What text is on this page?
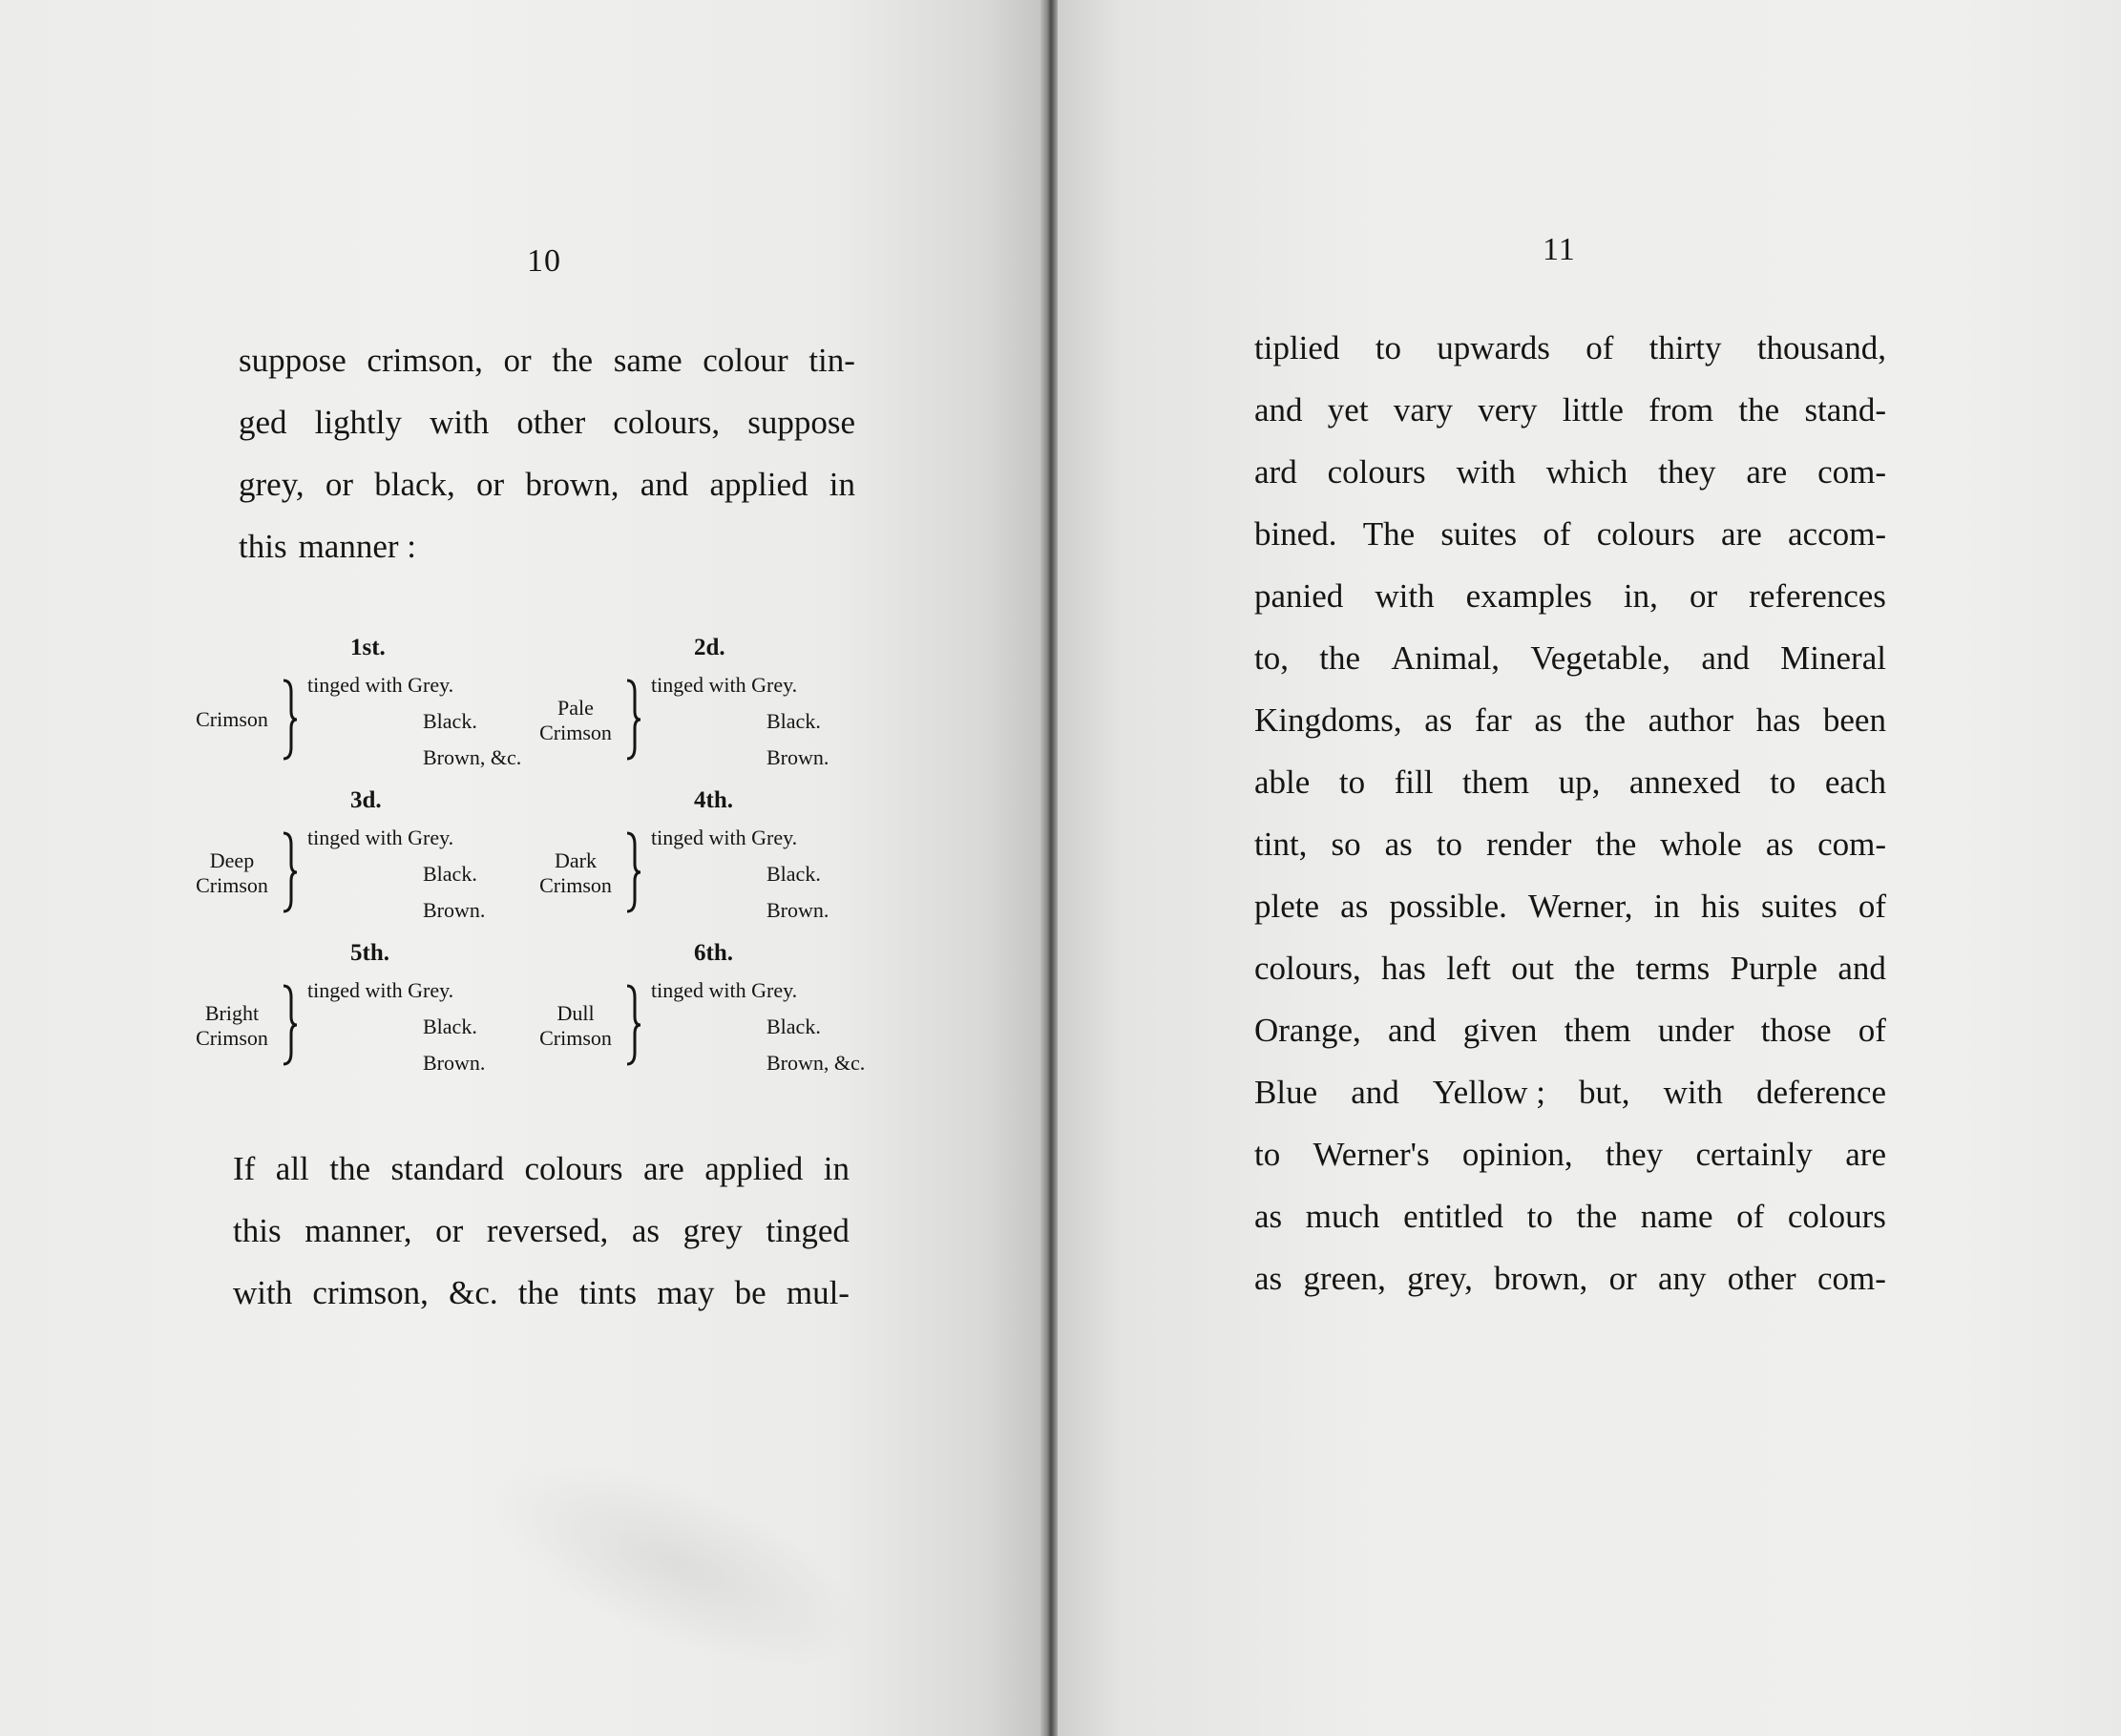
10
suppose crimson, or the same colour tin-
ged lightly with other colours, suppose
grey, or black, or brown, and applied in
this manner :
1st.
Crimson
tinged with Grey.
Black.
Brown, &c.
2d.
Pale
Crimson
tinged with Grey.
Black.
Brown.
3d.
Deep
Crimson
tinged with Grey.
Black.
Brown.
4th.
Dark
Crimson
tinged with Grey.
Black.
Brown.
5th.
Bright
Crimson
tinged with Grey.
Black.
Brown.
6th.
Dull
Crimson
tinged with Grey.
Black.
Brown, &c.
If all the standard colours are applied in
this manner, or reversed, as grey tinged
with crimson, &c. the tints may be mul-
11
tiplied to upwards of thirty thousand,
and yet vary very little from the stand-
ard colours with which they are com-
bined. The suites of colours are accom-
panied with examples in, or references
to, the Animal, Vegetable, and Mineral
Kingdoms, as far as the author has been
able to fill them up, annexed to each
tint, so as to render the whole as com-
plete as possible. Werner, in his suites of
colours, has left out the terms Purple and
Orange, and given them under those of
Blue and Yellow ; but, with deference
to Werner's opinion, they certainly are
as much entitled to the name of colours
as green, grey, brown, or any other com-
